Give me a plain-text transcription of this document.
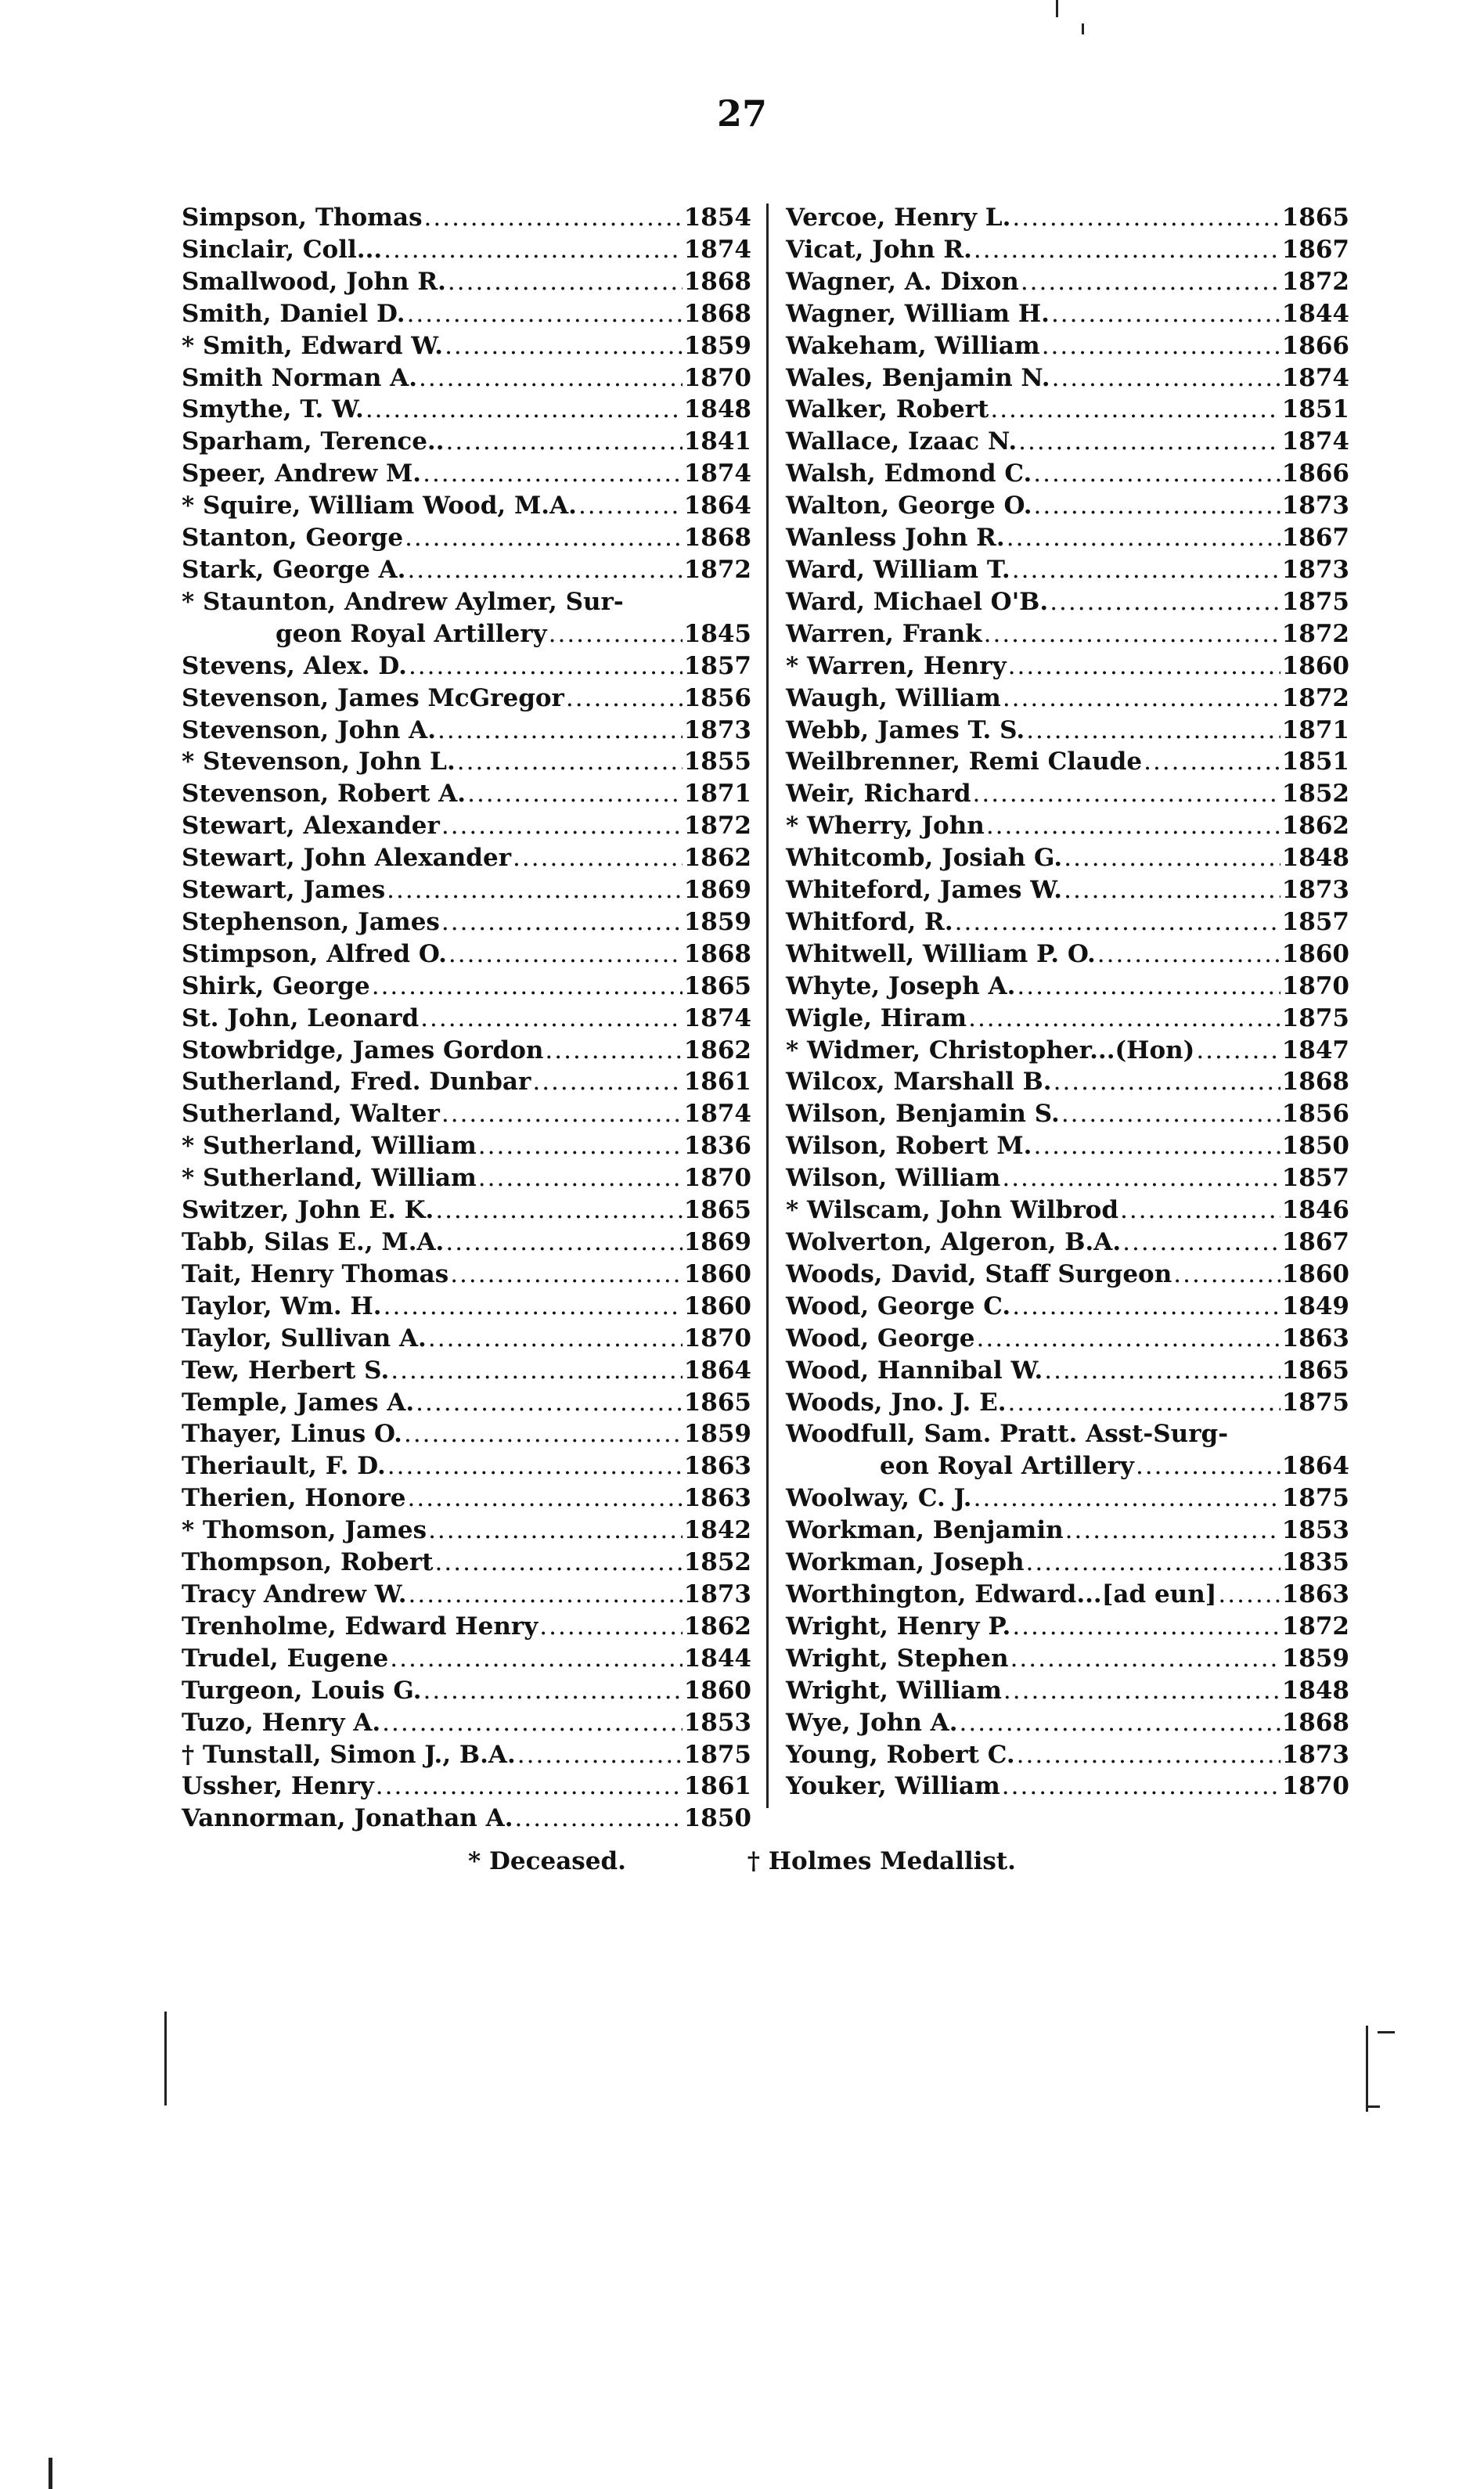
27
Simpson, Thomas .....	1854
Sinclair, Coll... .....	1874
Smallwood, John R. .....	1868
Smith, Daniel D. .....	1868
* Smith, Edward W. .....	1859
Smith Norman A. .....	1870
Smythe, T. W. .....	1848
Sparham, Terence.. .....	1841
Speer, Andrew M. .....	1874
* Squire, William Wood, M.A. .....	1864
Stanton, George .....	1868
Stark, George A. .....	1872
* Staunton, Andrew Aylmer, Sur-
geon Royal Artillery .....	1845
Stevens, Alex. D. .....	1857
Stevenson, James McGregor .....	1856
Stevenson, John A. .....	1873
* Stevenson, John L. .....	1855
Stevenson, Robert A. .....	1871
Stewart, Alexander .....	1872
Stewart, John Alexander .....	1862
Stewart, James .....	1869
Stephenson, James .....	1859
Stimpson, Alfred O. .....	1868
Shirk, George .....	1865
St. John, Leonard .....	1874
Stowbridge, James Gordon .....	1862
Sutherland, Fred. Dunbar .....	1861
Sutherland, Walter .....	1874
* Sutherland, William .....	1836
* Sutherland, William .....	1870
Switzer, John E. K. .....	1865
Tabb, Silas E., M.A. .....	1869
Tait, Henry Thomas .....	1860
Taylor, Wm. H. .....	1860
Taylor, Sullivan A. .....	1870
Tew, Herbert S. .....	1864
Temple, James A. .....	1865
Thayer, Linus O. .....	1859
Theriault, F. D. .....	1863
Therien, Honore .....	1863
* Thomson, James .....	1842
Thompson, Robert .....	1852
Tracy Andrew W. .....	1873
Trenholme, Edward Henry .....	1862
Trudel, Eugene .....	1844
Turgeon, Louis G. .....	1860
Tuzo, Henry A. .....	1853
† Tunstall, Simon J., B.A. .....	1875
Ussher, Henry .....	1861
Vannorman, Jonathan A. .....	1850
Vercoe, Henry L. .....	1865
Vicat, John R. .....	1867
Wagner, A. Dixon .....	1872
Wagner, William H. .....	1844
Wakeham, William .....	1866
Wales, Benjamin N. .....	1874
Walker, Robert .....	1851
Wallace, Izaac N. .....	1874
Walsh, Edmond C. .....	1866
Walton, George O. .....	1873
Wanless John R. .....	1867
Ward, William T. .....	1873
Ward, Michael O'B. .....	1875
Warren, Frank .....	1872
* Warren, Henry .....	1860
Waugh, William .....	1872
Webb, James T. S. .....	1871
Weilbrenner, Remi Claude .....	1851
Weir, Richard .....	1852
* Wherry, John .....	1862
Whitcomb, Josiah G. .....	1848
Whiteford, James W. .....	1873
Whitford, R. .....	1857
Whitwell, William P. O. .....	1860
Whyte, Joseph A. .....	1870
Wigle, Hiram .....	1875
* Widmer, Christopher...(Hon) .....	1847
Wilcox, Marshall B. .....	1868
Wilson, Benjamin S. .....	1856
Wilson, Robert M. .....	1850
Wilson, William .....	1857
* Wilscam, John Wilbrod .....	1846
Wolverton, Algeron, B.A. .....	1867
Woods, David, Staff Surgeon .....	1860
Wood, George C. .....	1849
Wood, George .....	1863
Wood, Hannibal W. .....	1865
Woods, Jno. J. E. .....	1875
Woodfull, Sam. Pratt. Asst-Surg-
eon Royal Artillery .....	1864
Woolway, C. J. .....	1875
Workman, Benjamin .....	1853
Workman, Joseph .....	1835
Worthington, Edward...[ad eun] .....	1863
Wright, Henry P. .....	1872
Wright, Stephen .....	1859
Wright, William .....	1848
Wye, John A. .....	1868
Young, Robert C. .....	1873
Youker, William .....	1870
* Deceased.	† Holmes Medallist.
